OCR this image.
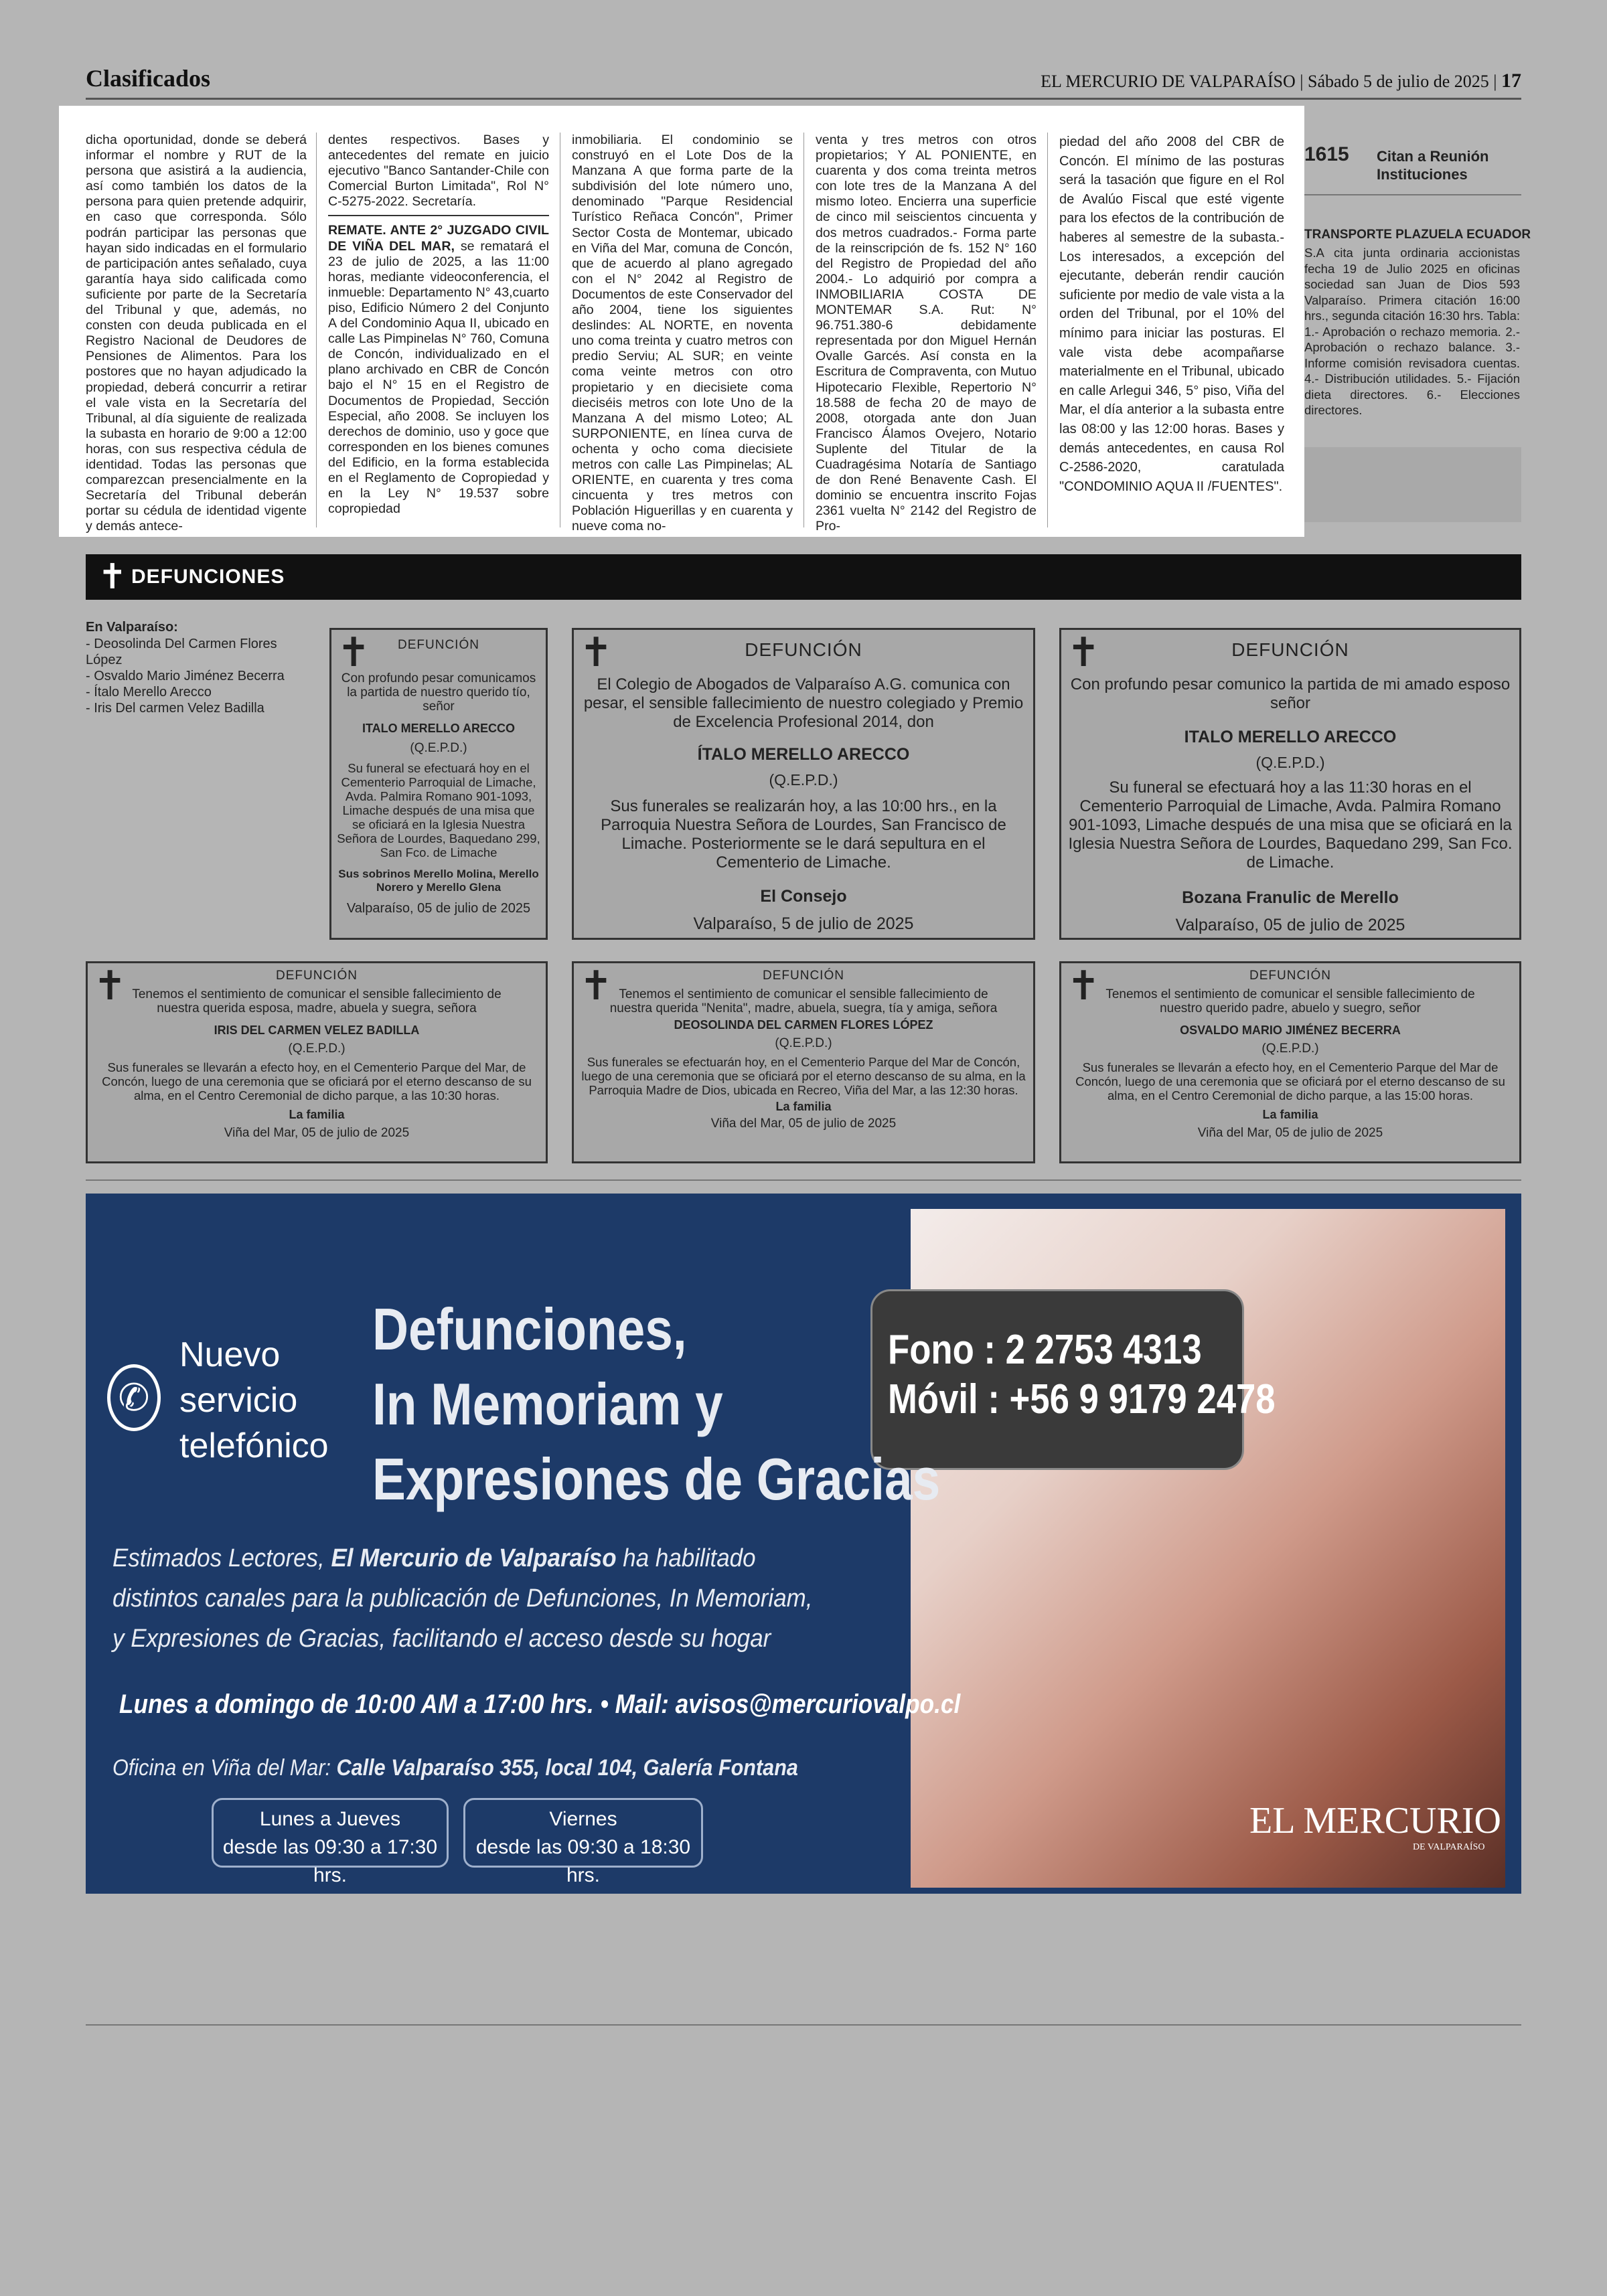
Clasificados	EL MERCURIO DE VALPARAÍSO | Sábado 5 de julio de 2025 | 17

dicha oportunidad, donde se deberá informar el nombre y RUT de la persona que asistirá a la audiencia, así como también los datos de la persona para quien pretende adquirir, en caso que corresponda. Sólo podrán participar las personas que hayan sido indicadas en el formulario de participación antes señalado, cuya garantía haya sido calificada como suficiente por parte de la Secretaría del Tribunal y que, además, no consten con deuda publicada en el Registro Nacional de Deudores de Pensiones de Alimentos. Para los postores que no hayan adjudicado la propiedad, deberá concurrir a retirar el vale vista en la Secretaría del Tribunal, al día siguiente de realizada la subasta en horario de 9:00 a 12:00 horas, con sus respectiva cédula de identidad. Todas las personas que comparezcan presencialmente en la Secretaría del Tribunal deberán portar su cédula de identidad vigente y demás antece-

dentes respectivos. Bases y antecedentes del remate en juicio ejecutivo "Banco Santander-Chile con Comercial Burton Limitada", Rol N° C-5275-2022. Secretaría.

REMATE. ANTE 2° JUZGADO CIVIL DE VIÑA DEL MAR, se rematará el 23 de julio de 2025, a las 11:00 horas, mediante videoconferencia, el inmueble: Departamento N° 43,cuarto piso, Edificio Número 2 del Conjunto A del Condominio Aqua II, ubicado en calle Las Pimpinelas N° 760, Comuna de Concón, individualizado en el plano archivado en CBR de Concón bajo el N° 15 en el Registro de Documentos de Propiedad, Sección Especial, año 2008. Se incluyen los derechos de dominio, uso y goce que corresponden en los bienes comunes del Edificio, en la forma establecida en el Reglamento de Copropiedad y en la Ley N° 19.537 sobre copropiedad

inmobiliaria. El condominio se construyó en el Lote Dos de la Manzana A que forma parte de la subdivisión del lote número uno, denominado "Parque Residencial Turístico Reñaca Concón", Primer Sector Costa de Montemar, ubicado en Viña del Mar, comuna de Concón, que de acuerdo al plano agregado con el N° 2042 al Registro de Documentos de este Conservador del año 2004, tiene los siguientes deslindes: AL NORTE, en noventa uno coma treinta y cuatro metros con predio Serviu; AL SUR; en veinte coma veinte metros con otro propietario y en diecisiete coma dieciséis metros con lote Uno de la Manzana A del mismo Loteo; AL SURPONIENTE, en línea curva de ochenta y ocho coma diecisiete metros con calle Las Pimpinelas; AL ORIENTE, en cuarenta y tres coma cincuenta y tres metros con Población Higuerillas y en cuarenta y nueve coma no-

venta y tres metros con otros propietarios; Y AL PONIENTE, en cuarenta y dos coma treinta metros con lote tres de la Manzana A del mismo loteo. Encierra una superficie de cinco mil seiscientos cincuenta y dos metros cuadrados.- Forma parte de la reinscripción de fs. 152 N° 160 del Registro de Propiedad del año 2004.- Lo adquirió por compra a INMOBILIARIA COSTA DE MONTEMAR S.A. Rut: N° 96.751.380-6 debidamente representada por don Miguel Hernán Ovalle Garcés. Así consta en la Escritura de Compraventa, con Mutuo Hipotecario Flexible, Repertorio N° 18.588 de fecha 20 de mayo de 2008, otorgada ante don Juan Francisco Álamos Ovejero, Notario Suplente del Titular de la Cuadragésima Notaría de Santiago de don René Benavente Cash. El dominio se encuentra inscrito Fojas 2361 vuelta N° 2142 del Registro de Pro-

piedad del año 2008 del CBR de Concón. El mínimo de las posturas será la tasación que figure en el Rol de Avalúo Fiscal que esté vigente para los efectos de la contribución de haberes al semestre de la subasta.- Los interesados, a excepción del ejecutante, deberán rendir caución suficiente por medio de vale vista a la orden del Tribunal, por el 10% del mínimo para iniciar las posturas. El vale vista debe acompañarse materialmente en el Tribunal, ubicado en calle Arlegui 346, 5° piso, Viña del Mar, el día anterior a la subasta entre las 08:00 y las 12:00 horas. Bases y demás antecedentes, en causa Rol C-2586-2020, caratulada "CONDOMINIO AQUA II /FUENTES".

1615 Citan a Reunión Instituciones
TRANSPORTE PLAZUELA ECUADOR
S.A cita junta ordinaria accionistas fecha 19 de Julio 2025 en oficinas sociedad san Juan de Dios 593 Valparaíso. Primera citación 16:00 hrs., segunda citación 16:30 hrs. Tabla: 1.- Aprobación o rechazo memoria. 2.- Aprobación o rechazo balance. 3.- Informe comisión revisadora cuentas. 4.- Distribución utilidades. 5.- Fijación dieta directores. 6.- Elecciones directores.
✝ DEFUNCIONES
En Valparaíso:
- Deosolinda Del Carmen Flores López
- Osvaldo Mario Jiménez Becerra
- Ítalo Merello Arecco
- Iris Del carmen Velez Badilla
✝	DEFUNCIÓN

Con profundo pesar comunicamos la partida de nuestro querido tío, señor

ITALO MERELLO ARECCO

(Q.E.P.D.)

Su funeral se efectuará hoy en el Cementerio Parroquial de Limache, Avda. Palmira Romano 901-1093, Limache después de una misa que se oficiará en la Iglesia Nuestra Señora de Lourdes, Baquedano 299, San Fco. de Limache

Sus sobrinos Merello Molina, Merello Norero y Merello Glena

Valparaíso, 05 de julio de 2025

✝	DEFUNCIÓN

El Colegio de Abogados de Valparaíso A.G. comunica con pesar, el sensible fallecimiento de nuestro colegiado y Premio de Excelencia Profesional 2014, don

ÍTALO MERELLO ARECCO

(Q.E.P.D.)

Sus funerales se realizarán hoy, a las 10:00 hrs., en la Parroquia Nuestra Señora de Lourdes, San Francisco de Limache. Posteriormente se le dará sepultura en el Cementerio de Limache.

El Consejo

Valparaíso, 5 de julio de 2025

✝	DEFUNCIÓN

Con profundo pesar comunico la partida de mi amado esposo señor

ITALO MERELLO ARECCO

(Q.E.P.D.)

Su funeral se efectuará hoy a las 11:30 horas en el Cementerio Parroquial de Limache, Avda. Palmira Romano 901-1093, Limache después de una misa que se oficiará en la Iglesia Nuestra Señora de Lourdes, Baquedano 299, San Fco. de Limache.

Bozana Franulic de Merello

Valparaíso, 05 de julio de 2025

✝	DEFUNCIÓN

Tenemos el sentimiento de comunicar el sensible fallecimiento de nuestra querida esposa, madre, abuela y suegra, señora

IRIS DEL CARMEN VELEZ BADILLA

(Q.E.P.D.)

Sus funerales se llevarán a efecto hoy, en el Cementerio Parque del Mar, de Concón, luego de una ceremonia que se oficiará por el eterno descanso de su alma, en el Centro Ceremonial de dicho parque, a las 10:30 horas.

La familia

Viña del Mar, 05 de julio de 2025

✝	DEFUNCIÓN

Tenemos el sentimiento de comunicar el sensible fallecimiento de nuestra querida "Nenita", madre, abuela, suegra, tía y amiga, señora

DEOSOLINDA DEL CARMEN FLORES LÓPEZ

(Q.E.P.D.)

Sus funerales se efectuarán hoy, en el Cementerio Parque del Mar de Concón, luego de una ceremonia que se oficiará por el eterno descanso de su alma, en la Parroquia Madre de Dios, ubicada en Recreo, Viña del Mar, a las 12:30 horas.

La familia

Viña del Mar, 05 de julio de 2025

✝	DEFUNCIÓN

Tenemos el sentimiento de comunicar el sensible fallecimiento de nuestro querido padre, abuelo y suegro, señor

OSVALDO MARIO JIMÉNEZ BECERRA

(Q.E.P.D.)

Sus funerales se llevarán a efecto hoy, en el Cementerio Parque del Mar de Concón, luego de una ceremonia que se oficiará por el eterno descanso de su alma, en el Centro Ceremonial de dicho parque, a las 15:00 horas.

La familia

Viña del Mar, 05 de julio de 2025

Fono : 2 2753 4313
Móvil : +56 9 9179 2478
✆
Nuevo
servicio
telefónico
Defunciones,
In Memoriam y
Expresiones de Gracias
Estimados Lectores, El Mercurio de Valparaíso ha habilitado distintos canales para la publicación de Defunciones, In Memoriam, y Expresiones de Gracias, facilitando el acceso desde su hogar
Lunes a domingo de 10:00 AM a 17:00 hrs. • Mail: avisos@mercuriovalpo.cl
Oficina en Viña del Mar: Calle Valparaíso 355, local 104, Galería Fontana
Lunes a Jueves
desde las 09:30 a 17:30 hrs.
Viernes
desde las 09:30 a 18:30 hrs.
EL MERCURIO
DE VALPARAÍSO
